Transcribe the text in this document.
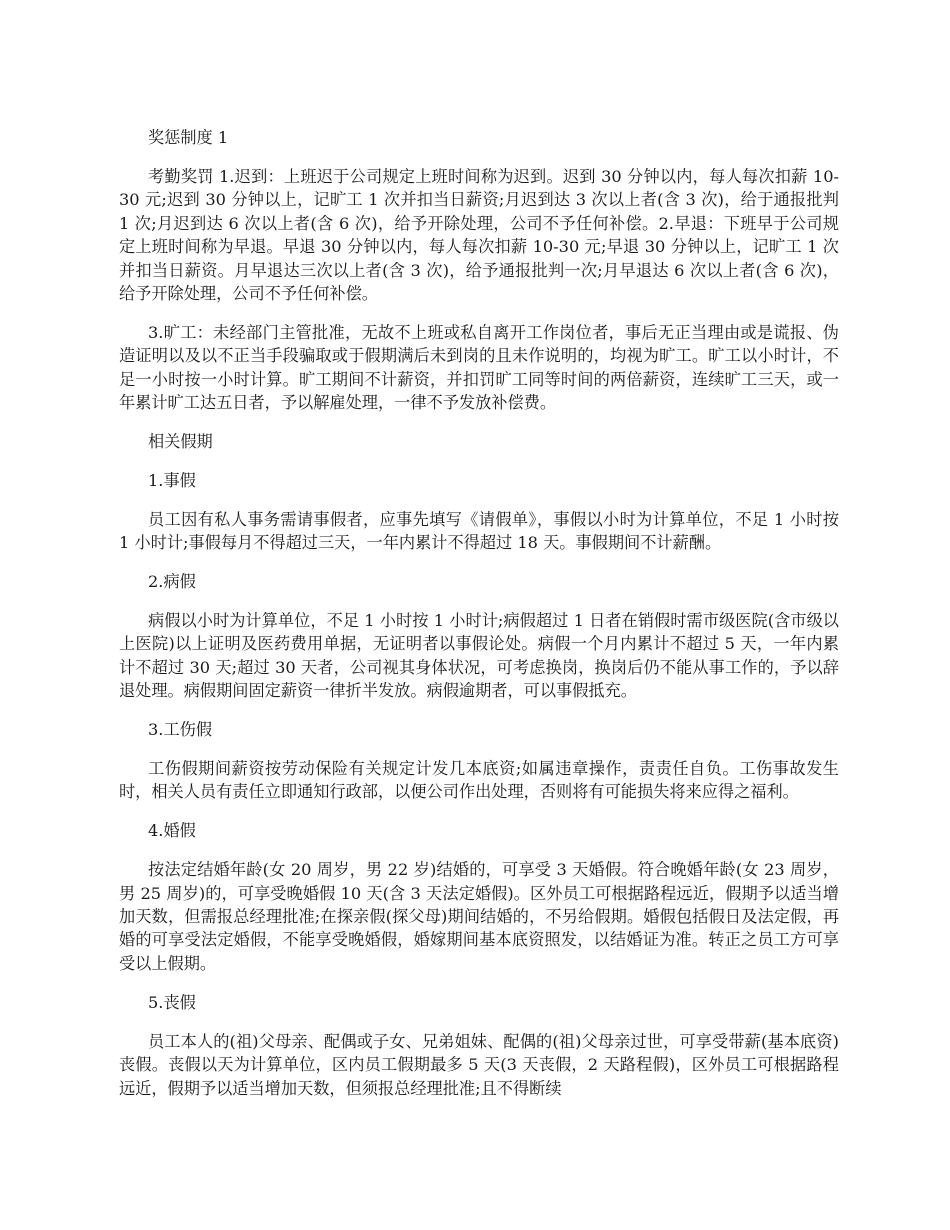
奖惩制度 1

考勤奖罚 1.迟到：上班迟于公司规定上班时间称为迟到。迟到 30 分钟以内，每人每次扣薪 10-30 元;迟到 30 分钟以上，记旷工 1 次并扣当日薪资;月迟到达 3 次以上者(含 3 次)，给于通报批判 1 次;月迟到达 6 次以上者(含 6 次)，给予开除处理，公司不予任何补偿。2.早退：下班早于公司规定上班时间称为早退。早退 30 分钟以内，每人每次扣薪 10-30 元;早退 30 分钟以上，记旷工 1 次并扣当日薪资。月早退达三次以上者(含 3 次)，给予通报批判一次;月早退达 6 次以上者(含 6 次)，给予开除处理，公司不予任何补偿。

3.旷工：未经部门主管批准，无故不上班或私自离开工作岗位者，事后无正当理由或是谎报、伪造证明以及以不正当手段骗取或于假期满后未到岗的且未作说明的，均视为旷工。旷工以小时计，不足一小时按一小时计算。旷工期间不计薪资，并扣罚旷工同等时间的两倍薪资，连续旷工三天，或一年累计旷工达五日者，予以解雇处理，一律不予发放补偿费。

相关假期

1.事假

员工因有私人事务需请事假者，应事先填写《请假单》，事假以小时为计算单位，不足 1 小时按 1 小时计;事假每月不得超过三天，一年内累计不得超过 18 天。事假期间不计薪酬。

2.病假

病假以小时为计算单位，不足 1 小时按 1 小时计;病假超过 1 日者在销假时需市级医院(含市级以上医院)以上证明及医药费用单据，无证明者以事假论处。病假一个月内累计不超过 5 天，一年内累计不超过 30 天;超过 30 天者，公司视其身体状况，可考虑换岗，换岗后仍不能从事工作的，予以辞退处理。病假期间固定薪资一律折半发放。病假逾期者，可以事假抵充。

3.工伤假

工伤假期间薪资按劳动保险有关规定计发几本底资;如属违章操作，责责任自负。工伤事故发生时，相关人员有责任立即通知行政部，以便公司作出处理，否则将有可能损失将来应得之福利。

4.婚假

按法定结婚年龄(女 20 周岁，男 22 岁)结婚的，可享受 3 天婚假。符合晚婚年龄(女 23 周岁，男 25 周岁)的，可享受晚婚假 10 天(含 3 天法定婚假)。区外员工可根据路程远近，假期予以适当增加天数，但需报总经理批准;在探亲假(探父母)期间结婚的，不另给假期。婚假包括假日及法定假，再婚的可享受法定婚假，不能享受晚婚假，婚嫁期间基本底资照发，以结婚证为准。转正之员工方可享受以上假期。

5.丧假

员工本人的(祖)父母亲、配偶或子女、兄弟姐妹、配偶的(祖)父母亲过世，可享受带薪(基本底资)丧假。丧假以天为计算单位，区内员工假期最多 5 天(3 天丧假，2 天路程假)，区外员工可根据路程远近，假期予以适当增加天数，但须报总经理批准;且不得断续
